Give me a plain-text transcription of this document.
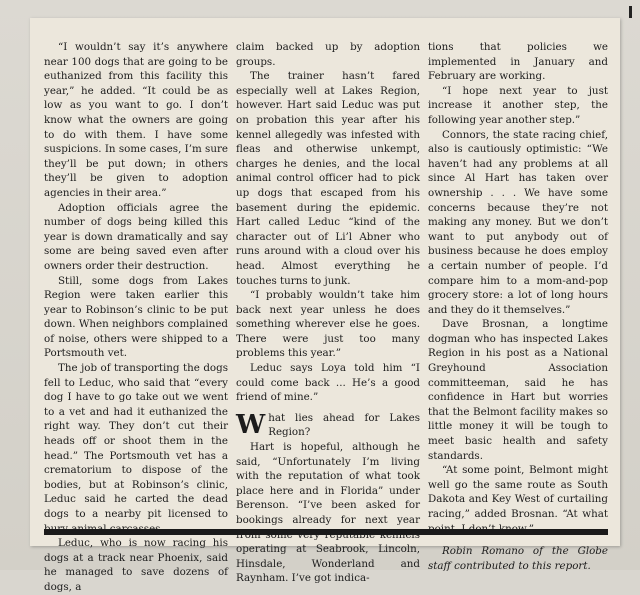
“I wouldn’t say it’s anywhere near 100 dogs that are going to be euthanized from this facility this year,” he added. “It could be as low as you want to go. I don’t know what the owners are going to do with them. I have some suspicions. In some cases, I’m sure they’ll be put down; in others they’ll be given to adoption agencies in their area.”

Adoption officials agree the number of dogs being killed this year is down dramatically and say some are being saved even after owners order their destruction.

Still, some dogs from Lakes Region were taken earlier this year to Robinson’s clinic to be put down. When neighbors complained of noise, others were shipped to a Portsmouth vet.

The job of transporting the dogs fell to Leduc, who said that “every dog I have to go take out we went to a vet and had it euthanized the right way. They don’t cut their heads off or shoot them in the head.” The Portsmouth vet has a crematorium to dispose of the bodies, but at Robinson’s clinic, Leduc said he carted the dead dogs to a nearby pit licensed to

Leduc, who is now racing his dogs at a track near Phoenix, said he managed to save dozens of dogs, a

claim backed up by adoption groups.

The trainer hasn’t fared especially well at Lakes Region, however. Hart said Leduc was put on probation this year after his kennel allegedly was infested with fleas and otherwise unkempt, charges he denies, and the local animal control officer had to pick up dogs that escaped from his basement during the epidemic. Hart called Leduc “kind of the character out of Li’l Abner who runs around with a cloud over his head. Almost everything he touches turns to junk.

“I probably wouldn’t take him back next year unless he does something wherever else he goes. There were just too many problems this year.”

Leduc says Loya told him “I could come back ... He’s a good friend of mine.”

What lies ahead for Lakes Region?

Hart is hopeful, although he said, “Unfortunately I’m living with the reputation of what took place here and in Florida” under Berenson. “I’ve been asked for bookings already for next year operating at Seabrook, Lincoln, Hinsdale, Wonderland and Raynham. I’ve got indica-

tions that policies we implemented in January and February are working.

“I hope next year to just increase it another step, the following year another step.”

Connors, the state racing chief, also is cautiously optimistic: “We haven’t had any problems at all since Al Hart has taken over ownership . . . We have some concerns because they’re not making any money. But we don’t want to put anybody out of business because he does employ a certain number of people. I’d compare him to a mom-and-pop grocery store: a lot of long hours and they do it themselves.”

Dave Brosnan, a longtime dogman who has inspected Lakes Region in his post as a National Greyhound Association committeeman, said he has confidence in Hart but worries that the Belmont facility makes so little money it will be tough to meet basic health and safety standards.

“At some point, Belmont might well go the same route as South Dakota and Key West of curtailing racing,” added Brosnan. “At what

Robin Romano of the Globe staff contributed to this report.
